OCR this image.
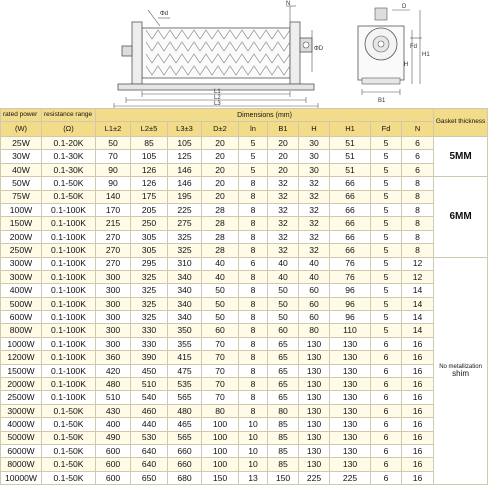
Φd
N
ΦD
L1
L2
L3
D
Fd
H
H1
B1
rated power	resistance range	Dimensions (mm)										Gasket thickness
(W)	(Ω)	L1±2	L2±5	L3±3	D±2	ln	B1	H	H1	Fd	N	
25W	0.1-20K	50	85	105	20	5	20	30	51	5	6	5MM

30W	0.1-30K	70	105	125	20	5	20	30	51	5	6	
40W	0.1-30K	90	126	146	20	5	20	30	51	5	6	
50W	0.1-50K	90	126	146	20	8	32	32	66	5	8	6MM

75W	0.1-50K	140	175	195	20	8	32	32	66	5	8	
100W	0.1-100K	170	205	225	28	8	32	32	66	5	8	
150W	0.1-100K	215	250	275	28	8	32	32	66	5	8	
200W	0.1-100K	270	305	325	28	8	32	32	66	5	8	
250W	0.1-100K	270	305	325	28	8	32	32	66	5	8	
300W	0.1-100K	270	295	310	40	6	40	40	76	5	12	No metallization
shim

300W	0.1-100K	300	325	340	40	8	40	40	76	5	12	
400W	0.1-100K	300	325	340	50	8	50	60	96	5	14	
500W	0.1-100K	300	325	340	50	8	50	60	96	5	14	
600W	0.1-100K	300	325	340	50	8	50	60	96	5	14	
800W	0.1-100K	300	330	350	60	8	60	80	110	5	14	
1000W	0.1-100K	300	330	355	70	8	65	130	130	6	16	
1200W	0.1-100K	360	390	415	70	8	65	130	130	6	16	
1500W	0.1-100K	420	450	475	70	8	65	130	130	6	16	
2000W	0.1-100K	480	510	535	70	8	65	130	130	6	16	
2500W	0.1-100K	510	540	565	70	8	65	130	130	6	16	
3000W	0.1-50K	430	460	480	80	8	80	130	130	6	16	
4000W	0.1-50K	400	440	465	100	10	85	130	130	6	16	
5000W	0.1-50K	490	530	565	100	10	85	130	130	6	16	
6000W	0.1-50K	600	640	660	100	10	85	130	130	6	16	
8000W	0.1-50K	600	640	660	100	10	85	130	130	6	16	
10000W	0.1-50K	600	650	680	150	13	150	225	225	6	16	
